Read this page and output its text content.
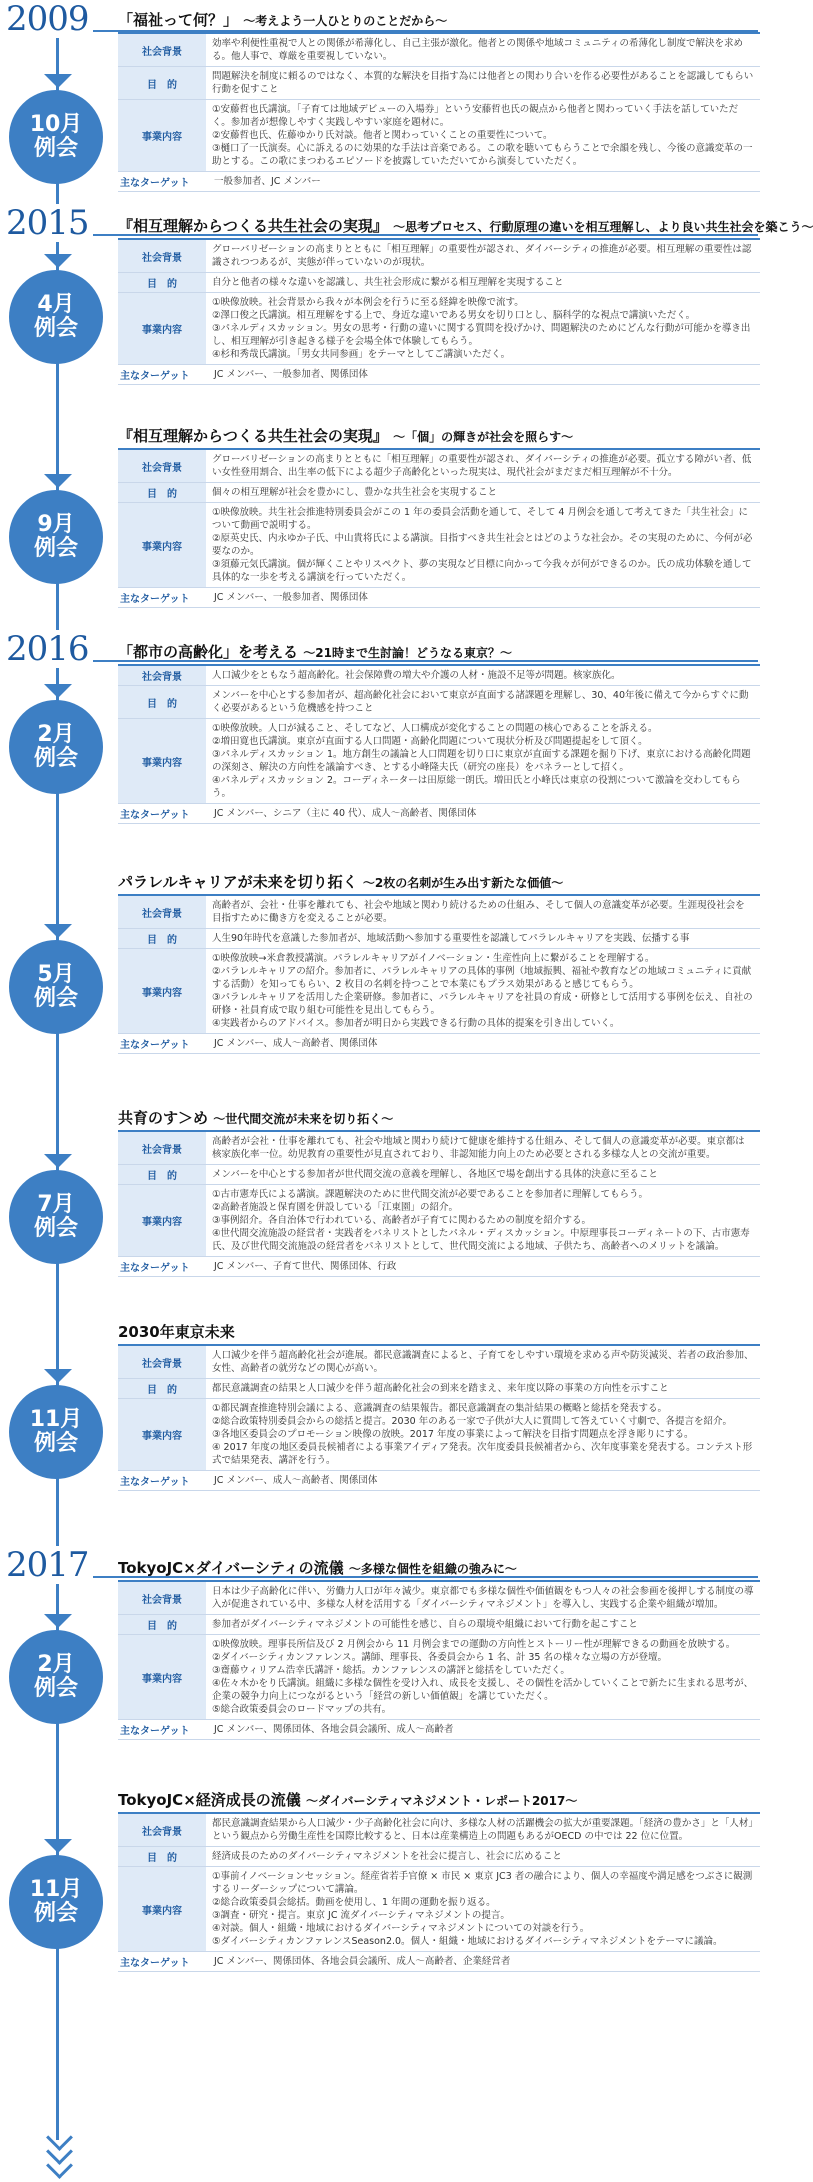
2009
10月
例会
「福祉って何？」 ～考えよう一人ひとりのことだから～
社会背景
効率や利便性重視で人との関係が希薄化し、自己主張が激化。他者との関係や地域コミュニティの希薄化し制度で解決を求める。他人事で、尊厳を重要視していない。
目　的
問題解決を制度に頼るのではなく、本質的な解決を目指す為には他者との関わり合いを作る必要性があることを認識してもらい行動を促すこと
事業内容
①安藤哲也氏講演。「子育ては地域デビューの入場券」という安藤哲也氏の観点から他者と関わっていく手法を話していただく。参加者が想像しやすく実践しやすい家庭を題材に。
②安藤哲也氏、佐藤ゆかり氏対談。他者と関わっていくことの重要性について。
③樋口了一氏演奏。心に訴えるのに効果的な手法は音楽である。この歌を聴いてもらうことで余韻を残し、今後の意識変革の一助とする。この歌にまつわるエピソードを披露していただいてから演奏していただく。
主なターゲット	一般参加者、JC メンバー
2015
4月
例会
『相互理解からつくる共生社会の実現』 ～思考プロセス、行動原理の違いを相互理解し、より良い共生社会を築こう～
社会背景
グローバリゼーションの高まりとともに「相互理解」の重要性が認され、ダイバーシティの推進が必要。相互理解の重要性は認識されつつあるが、実態が伴っていないのが現状。
目　的	自分と他者の様々な違いを認識し、共生社会形成に繋がる相互理解を実現すること
事業内容
①映像放映。社会背景から我々が本例会を行うに至る経緯を映像で流す。
②澤口俊之氏講演。相互理解をする上で、身近な違いである男女を切り口とし、脳科学的な視点で講演いただく。
③パネルディスカッション。男女の思考・行動の違いに関する質問を投げかけ、問題解決のためにどんな行動が可能かを導き出し、相互理解が引き起きる様子を会場全体で体験してもらう。
④杉和秀哉氏講演。「男女共同参画」をテーマとしてご講演いただく。
主なターゲット	JC メンバー、一般参加者、関係団体
9月
例会
『相互理解からつくる共生社会の実現』 ～「個」の輝きが社会を照らす～
社会背景
グローバリゼーションの高まりとともに「相互理解」の重要性が認され、ダイバーシティの推進が必要。孤立する障がい者、低い女性登用割合、出生率の低下による超少子高齢化といった現実は、現代社会がまだまだ相互理解が不十分。
目　的	個々の相互理解が社会を豊かにし、豊かな共生社会を実現すること
事業内容
①映像放映。共生社会推進特別委員会がこの 1 年の委員会活動を通して、そして 4 月例会を通して考えてきた「共生社会」について動画で説明する。
②原英史氏、内永ゆか子氏、中山貴将氏による講演。目指すべき共生社会とはどのような社会か。その実現のために、今何が必要なのか。
③須藤元気氏講演。個が輝くことやリスペクト、夢の実現など目標に向かって今我々が何ができるのか。氏の成功体験を通して具体的な一歩を考える講演を行っていただく。
主なターゲット	JC メンバー、一般参加者、関係団体
2016
2月
例会
「都市の高齢化」を考える ～21時まで生討論！どうなる東京？～
社会背景	人口減少をともなう超高齢化。社会保障費の増大や介護の人材・施設不足等が問題。核家族化。
目　的
メンバーを中心とする参加者が、超高齢化社会において東京が直面する諸課題を理解し、30、40年後に備えて今からすぐに動く必要があるという危機感を持つこと
事業内容
①映像放映。人口が減ること、そしてなど、人口構成が変化することの問題の核心であることを訴える。
②増田寛也氏講演。東京が直面する人口問題・高齢化問題について現状分析及び問題提起をして頂く。
③パネルディスカッション 1。地方創生の議論と人口問題を切り口に東京が直面する課題を掘り下げ、東京における高齢化問題の深刻さ、解決の方向性を議論すべき、とする小峰隆夫氏（研究の座長）をパネラーとして招く。
④パネルディスカッション 2。コーディネーターは田原総一朗氏。増田氏と小峰氏は東京の役割について激論を交わしてもらう。
主なターゲット	JC メンバー、シニア（主に 40 代）、成人～高齢者、関係団体
5月
例会
パラレルキャリアが未来を切り拓く ～2枚の名刺が生み出す新たな価値～
社会背景
高齢者が、会社・仕事を離れても、社会や地域と関わり続けるための仕組み、そして個人の意識変革が必要。生涯現役社会を目指すために働き方を変えることが必要。
目　的	人生90年時代を意識した参加者が、地域活動へ参加する重要性を認識してパラレルキャリアを実践、伝播する事
事業内容
①映像放映→米倉教授講演。パラレルキャリアがイノベーション・生産性向上に繋がることを理解する。
②パラレルキャリアの紹介。参加者に、パラレルキャリアの具体的事例（地域振興、福祉や教育などの地域コミュニティに貢献する活動）を知ってもらい、2 枚目の名刺を持つことで本業にもプラス効果があると感じてもらう。
③パラレルキャリアを活用した企業研修。参加者に、パラレルキャリアを社員の育成・研修として活用する事例を伝え、自社の研修・社員育成で取り組む可能性を見出してもらう。
④実践者からのアドバイス。参加者が明日から実践できる行動の具体的提案を引き出していく。
主なターゲット	JC メンバー、成人～高齢者、関係団体
7月
例会
共育のす＞め ～世代間交流が未来を切り拓く～
社会背景
高齢者が会社・仕事を離れても、社会や地域と関わり続けて健康を維持する仕組み、そして個人の意識変革が必要。東京都は核家族化率一位。幼児教育の重要性が見直されており、非認知能力向上のため必要とされる多様な人との交流が重要。
目　的	メンバーを中心とする参加者が世代間交流の意義を理解し、各地区で場を創出する具体的決意に至ること
事業内容
①古市憲寿氏による講演。課題解決のために世代間交流が必要であることを参加者に理解してもらう。
②高齢者施設と保育園を併設している「江東園」の紹介。
③事例紹介。各自治体で行われている、高齢者が子育てに関わるための制度を紹介する。
④世代間交流施設の経営者・実践者をパネリストとしたパネル・ディスカッション。中原理事長コーディネートの下、古市憲寿氏、及び世代間交流施設の経営者をパネリストとして、世代間交流による地域、子供たち、高齢者へのメリットを議論。
主なターゲット	JC メンバー、子育て世代、関係団体、行政
11月
例会
2030年東京未来
社会背景
人口減少を伴う超高齢化社会が進展。都民意識調査によると、子育てをしやすい環境を求める声や防災減災、若者の政治参加、女性、高齢者の就労などの関心が高い。
目　的	都民意識調査の結果と人口減少を伴う超高齢化社会の到来を踏まえ、来年度以降の事業の方向性を示すこと
事業内容
①都民調査推進特別会議による、意識調査の結果報告。都民意識調査の集計結果の概略と総括を発表する。
②総合政策特別委員会からの総括と提言。2030 年のある一家で子供が大人に質問して答えていく寸劇で、各提言を紹介。
③各地区委員会のプロモーション映像の放映。2017 年度の事業によって解決を目指す問題点を浮き彫りにする。
④ 2017 年度の地区委員長候補者による事業アイディア発表。次年度委員長候補者から、次年度事業を発表する。コンテスト形式で結果発表、講評を行う。
主なターゲット	JC メンバー、成人～高齢者、関係団体
2017
2月
例会
TokyoJC×ダイバーシティの流儀 ～多様な個性を組織の強みに～
社会背景
日本は少子高齢化に伴い、労働力人口が年々減少。東京都でも多様な個性や価値観をもつ人々の社会参画を後押しする制度の導入が促進されている中、多様な人材を活用する「ダイバーシティマネジメント」を導入し、実践する企業や組織が増加。
目　的	参加者がダイバーシティマネジメントの可能性を感じ、自らの環境や組織において行動を起こすこと
事業内容
①映像放映。理事長所信及び 2 月例会から 11 月例会までの運動の方向性とストーリー性が理解できるの動画を放映する。
②ダイバーシティカンファレンス。講師、理事長、各委員会から 1 名、計 35 名の様々な立場の方が登壇。
③齋藤ウィリアム浩幸氏講評・総括。カンファレンスの講評と総括をしていただく。
④佐々木かをり氏講演。組織に多様な個性を受け入れ、成長を支援し、その個性を活かしていくことで新たに生まれる思考が、企業の競争力向上につながるという「経営の新しい価値観」を講じていただく。
⑤総合政策委員会のロードマップの共有。
主なターゲット	JC メンバー、関係団体、各地会員会議所、成人～高齢者
11月
例会
TokyoJC×経済成長の流儀 ～ダイバーシティマネジメント・レポート2017～
社会背景
都民意識調査結果から人口減少・少子高齢化社会に向け、多様な人材の活躍機会の拡大が重要課題。「経済の豊かさ」と「人材」という観点から労働生産性を国際比較すると、日本は産業構造上の問題もあるがOECD の中では 22 位に位置。
目　的	経済成長のためのダイバーシティマネジメントを社会に提言し、社会に広めること
事業内容
①事前イノベーションセッション。経産省若手官僚 × 市民 × 東京 JC3 者の融合により、個人の幸福度や満足感をつぶさに観測するリーダーシップについて講論。
②総合政策委員会総括。動画を使用し、1 年間の運動を振り返る。
③調査・研究・提言。東京 JC 流ダイバーシティマネジメントの提言。
④対談。個人・組織・地域におけるダイバーシティマネジメントについての対談を行う。
⑤ダイバーシティカンファレンスSeason2.0。個人・組織・地域におけるダイバーシティマネジメントをテーマに議論。
主なターゲット	JC メンバー、関係団体、各地会員会議所、成人～高齢者、企業経営者
